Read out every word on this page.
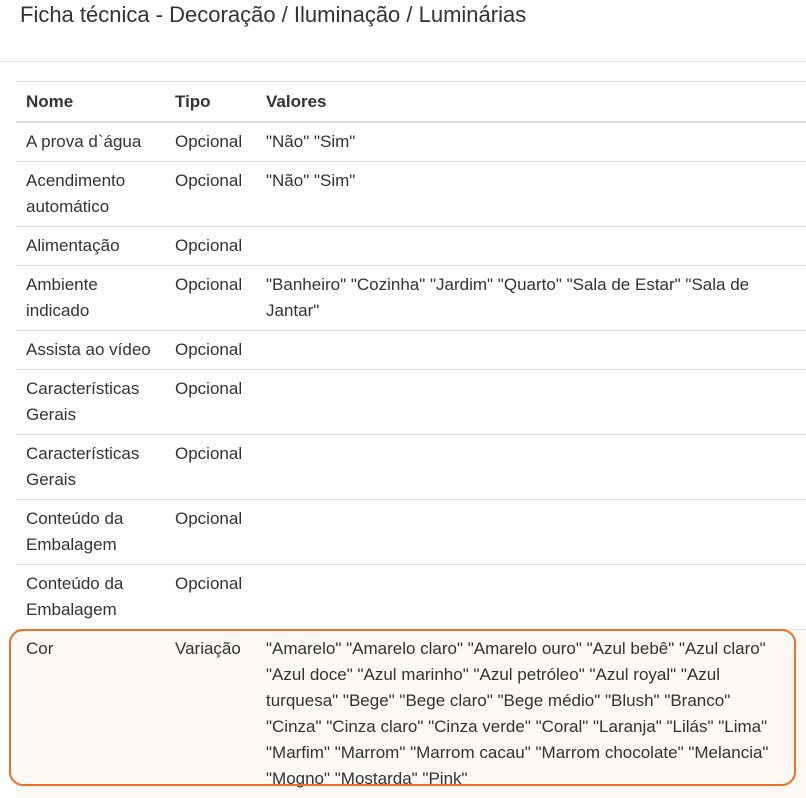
Ficha técnica - Decoração / Iluminação / Luminárias
Nome	Tipo	Valores
A prova d`água	Opcional	"Não" "Sim"
Acendimento automático	Opcional	"Não" "Sim"
Alimentação	Opcional	
Ambiente indicado	Opcional	"Banheiro" "Cozinha" "Jardim" "Quarto" "Sala de Estar" "Sala de Jantar"
Assista ao vídeo	Opcional	
Características Gerais	Opcional	
Características Gerais	Opcional	
Conteúdo da Embalagem	Opcional	
Conteúdo da Embalagem	Opcional	
Cor	Variação	"Amarelo" "Amarelo claro" "Amarelo ouro" "Azul bebê" "Azul claro" "Azul doce" "Azul marinho" "Azul petróleo" "Azul royal" "Azul turquesa" "Bege" "Bege claro" "Bege médio" "Blush" "Branco" "Cinza" "Cinza claro" "Cinza verde" "Coral" "Laranja" "Lilás" "Lima" "Marfim" "Marrom" "Marrom cacau" "Marrom chocolate" "Melancia" "Mogno" "Mostarda" "Pink"
